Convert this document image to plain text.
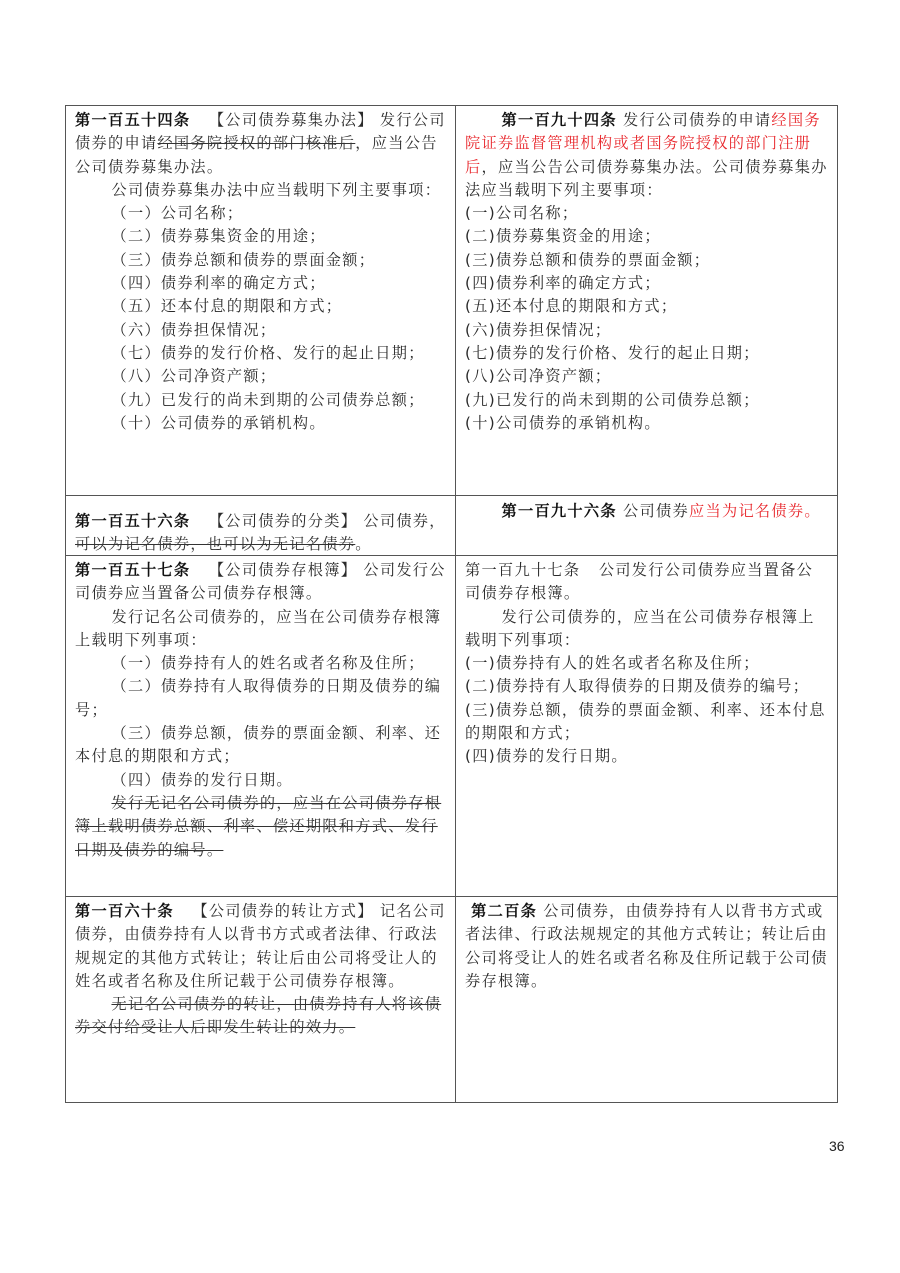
第一百五十四条 【公司债券募集办法】 发行公司债券的申请经国务院授权的部门核准后，应当公告公司债券募集办法。

公司债券募集办法中应当载明下列主要事项：

（一）公司名称；

（二）债券募集资金的用途；

（三）债券总额和债券的票面金额；

（四）债券利率的确定方式；

（五）还本付息的期限和方式；

（六）债券担保情况；

（七）债券的发行价格、发行的起止日期；

（八）公司净资产额；

（九）已发行的尚未到期的公司债券总额；

（十）公司债券的承销机构。

第一百九十四条 发行公司债券的申请经国务院证券监督管理机构或者国务院授权的部门注册后，应当公告公司债券募集办法。公司债券募集办法应当载明下列主要事项：

(一)公司名称；

(二)债券募集资金的用途；

(三)债券总额和债券的票面金额；

(四)债券利率的确定方式；

(五)还本付息的期限和方式；

(六)债券担保情况；

(七)债券的发行价格、发行的起止日期；

(八)公司净资产额；

(九)已发行的尚未到期的公司债券总额；

(十)公司债券的承销机构。

第一百五十六条 【公司债券的分类】 公司债券，可以为记名债券，也可以为无记名债券。

第一百九十六条 公司债券应当为记名债券。

第一百五十七条 【公司债券存根簿】 公司发行公司债券应当置备公司债券存根簿。

发行记名公司债券的，应当在公司债券存根簿上载明下列事项：

（一）债券持有人的姓名或者名称及住所；

（二）债券持有人取得债券的日期及债券的编号；

（三）债券总额，债券的票面金额、利率、还本付息的期限和方式；

（四）债券的发行日期。

发行无记名公司债券的，应当在公司债券存根簿上载明债券总额、利率、偿还期限和方式、发行日期及债券的编号。

第一百九十七条 公司发行公司债券应当置备公司债券存根簿。

发行公司债券的，应当在公司债券存根簿上载明下列事项：

(一)债券持有人的姓名或者名称及住所；

(二)债券持有人取得债券的日期及债券的编号；

(三)债券总额，债券的票面金额、利率、还本付息的期限和方式；

(四)债券的发行日期。

第一百六十条 【公司债券的转让方式】 记名公司债券，由债券持有人以背书方式或者法律、行政法规规定的其他方式转让；转让后由公司将受让人的姓名或者名称及住所记载于公司债券存根簿。

无记名公司债券的转让，由债券持有人将该债券交付给受让人后即发生转让的效力。

第二百条 公司债券，由债券持有人以背书方式或者法律、行政法规规定的其他方式转让；转让后由公司将受让人的姓名或者名称及住所记载于公司债券存根簿。

36
